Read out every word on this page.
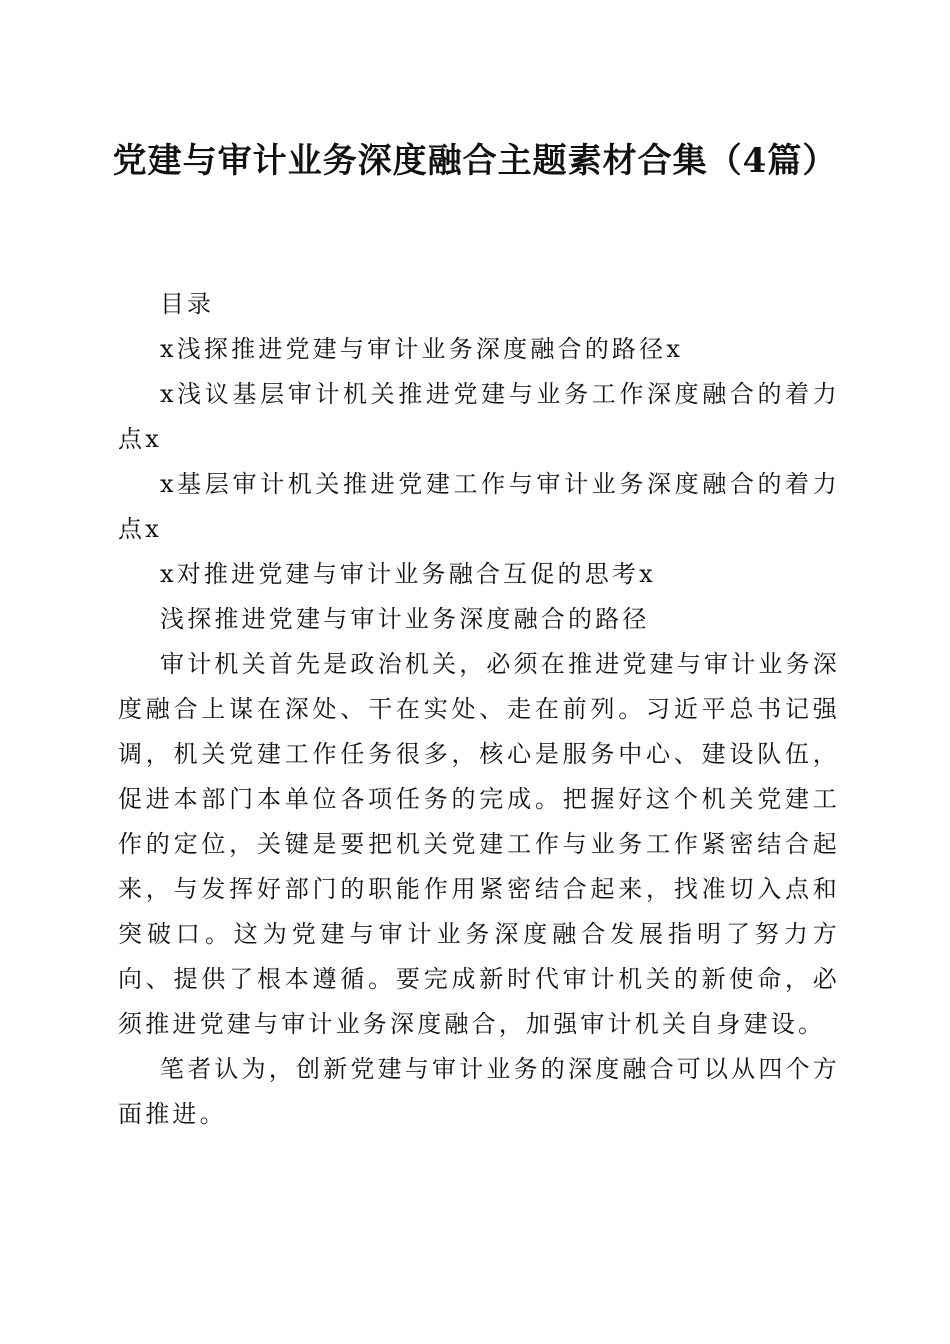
党建与审计业务深度融合主题素材合集（4篇）

目录

x浅探推进党建与审计业务深度融合的路径x

x浅议基层审计机关推进党建与业务工作深度融合的着力点x

x基层审计机关推进党建工作与审计业务深度融合的着力点x

x对推进党建与审计业务融合互促的思考x

浅探推进党建与审计业务深度融合的路径

审计机关首先是政治机关，必须在推进党建与审计业务深度融合上谋在深处、干在实处、走在前列。习近平总书记强调，机关党建工作任务很多，核心是服务中心、建设队伍，促进本部门本单位各项任务的完成。把握好这个机关党建工作的定位，关键是要把机关党建工作与业务工作紧密结合起来，与发挥好部门的职能作用紧密结合起来，找准切入点和突破口。这为党建与审计业务深度融合发展指明了努力方向、提供了根本遵循。要完成新时代审计机关的新使命，必须推进党建与审计业务深度融合，加强审计机关自身建设。

笔者认为，创新党建与审计业务的深度融合可以从四个方面推进。
